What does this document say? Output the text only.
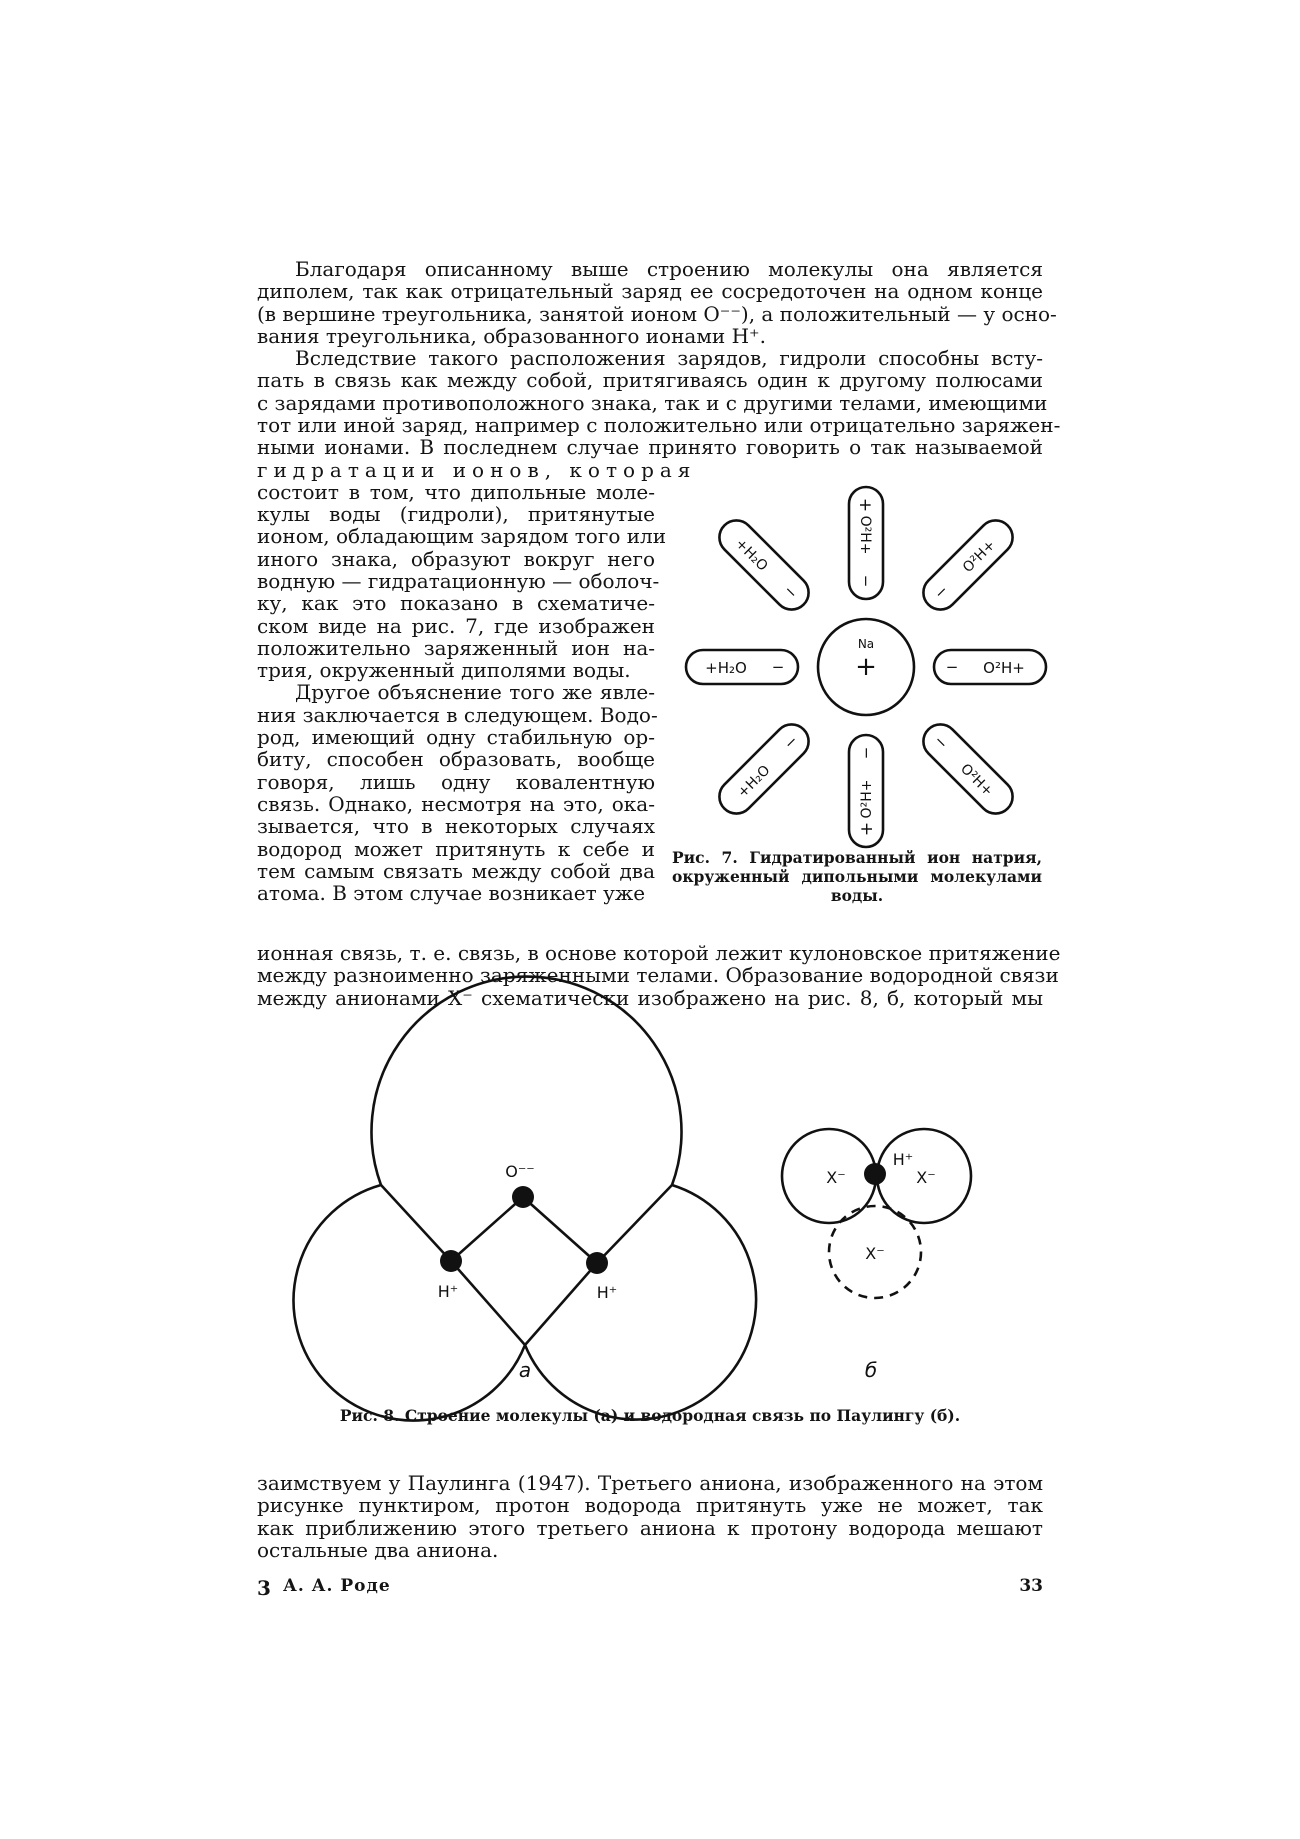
Благодаря описанному выше строению молекулы она является
диполем, так как отрицательный заряд ее сосредоточен на одном конце
(в вершине треугольника, занятой ионом O⁻⁻), а положительный — у осно-
вания треугольника, образованного ионами H⁺.
Вследствие такого расположения зарядов, гидроли способны всту-
пать в связь как между собой, притягиваясь один к другому полюсами
с зарядами противоположного знака, так и с другими телами, имеющими
тот или иной заряд, например с положительно или отрицательно заряжен-
ными ионами. В последнем случае принято говорить о так называемой
гидратации ионов, которая
состоит в том, что дипольные моле-
кулы воды (гидроли), притянутые
ионом, обладающим зарядом того или
иного знака, образуют вокруг него
водную — гидратационную — оболоч-
ку, как это показано в схематиче-
ском виде на рис. 7, где изображен
положительно заряженный ион на-
трия, окруженный диполями воды.
Другое объяснение того же явле-
ния заключается в следующем. Водо-
род, имеющий одну стабильную ор-
биту, способен образовать, вообще
говоря, лишь одну ковалентную
связь. Однако, несмотря на это, ока-
зывается, что в некоторых случаях
водород может притянуть к себе и
тем самым связать между собой два
атома. В этом случае возникает уже
ионная связь, т. е. связь, в основе которой лежит кулоновское притяжение
между разноименно заряженными телами. Образование водородной связи
между анионами X⁻ схематически изображено на рис. 8, б, который мы
Na
+
+
O²H+
−
+
O²H+
−
+H₂O −	− O²H+
+H₂O
−	−
O²H+
+H₂O
−	−
O²H+
Рис. 7. Гидратированный ион натрия,
окруженный дипольными молекулами
воды.
O⁻⁻
H⁺	H⁺
X⁻
H⁺
X⁻
X⁻
а	б
Рис. 8. Строение молекулы (а) и водородная связь по Паулингу (б).
заимствуем у Паулинга (1947). Третьего аниона, изображенного на этом
рисунке пунктиром, протон водорода притянуть уже не может, так
как приближению этого третьего аниона к протону водорода мешают
остальные два аниона.
3 А. А. Роде	33
